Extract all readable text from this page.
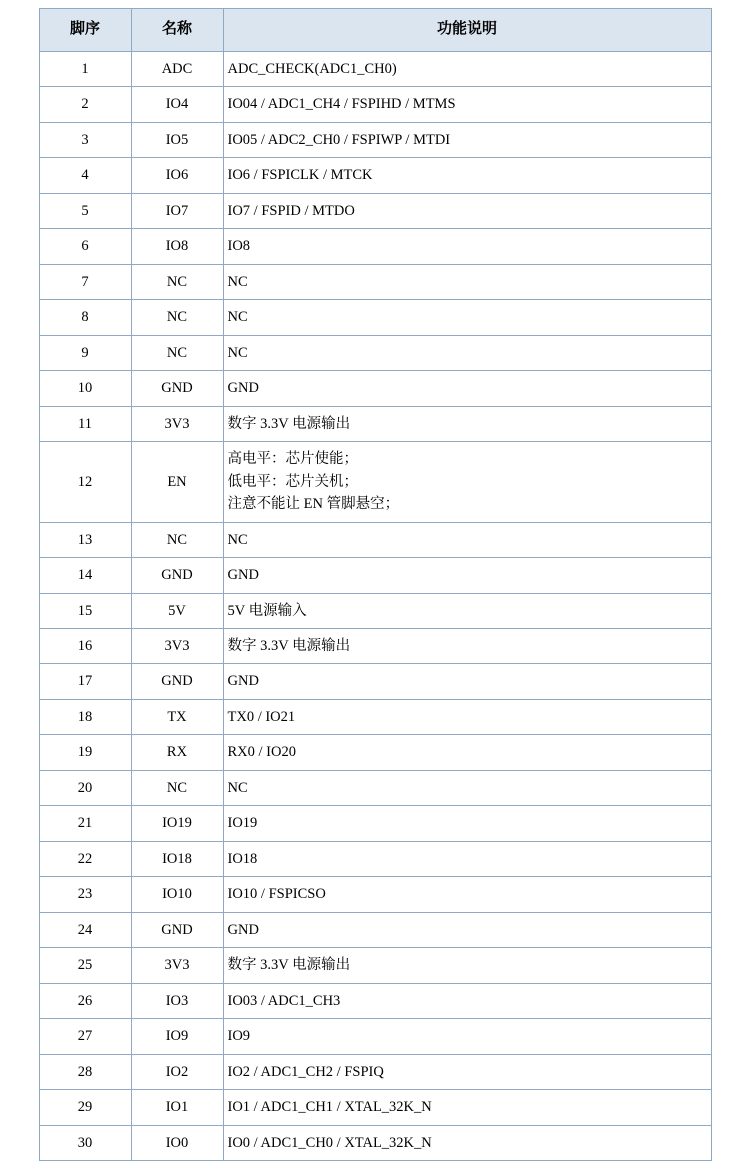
脚序	名称	功能说明
1	ADC	ADC_CHECK(ADC1_CH0)

2	IO4	IO04 / ADC1_CH4 / FSPIHD / MTMS

3	IO5	IO05 / ADC2_CH0 / FSPIWP / MTDI

4	IO6	IO6 / FSPICLK / MTCK

5	IO7	IO7 / FSPID / MTDO

6	IO8	IO8

7	NC	NC

8	NC	NC

9	NC	NC

10	GND	GND

11	3V3	数字 3.3V 电源输出

12	EN	高电平：芯片使能；
低电平：芯片关机；
注意不能让 EN 管脚悬空；

13	NC	NC

14	GND	GND

15	5V	5V 电源输入

16	3V3	数字 3.3V 电源输出

17	GND	GND

18	TX	TX0 / IO21

19	RX	RX0 / IO20

20	NC	NC

21	IO19	IO19

22	IO18	IO18

23	IO10	IO10 / FSPICSO

24	GND	GND

25	3V3	数字 3.3V 电源输出

26	IO3	IO03 / ADC1_CH3

27	IO9	IO9

28	IO2	IO2 / ADC1_CH2 / FSPIQ

29	IO1	IO1 / ADC1_CH1 / XTAL_32K_N

30	IO0	IO0 / ADC1_CH0 / XTAL_32K_N
